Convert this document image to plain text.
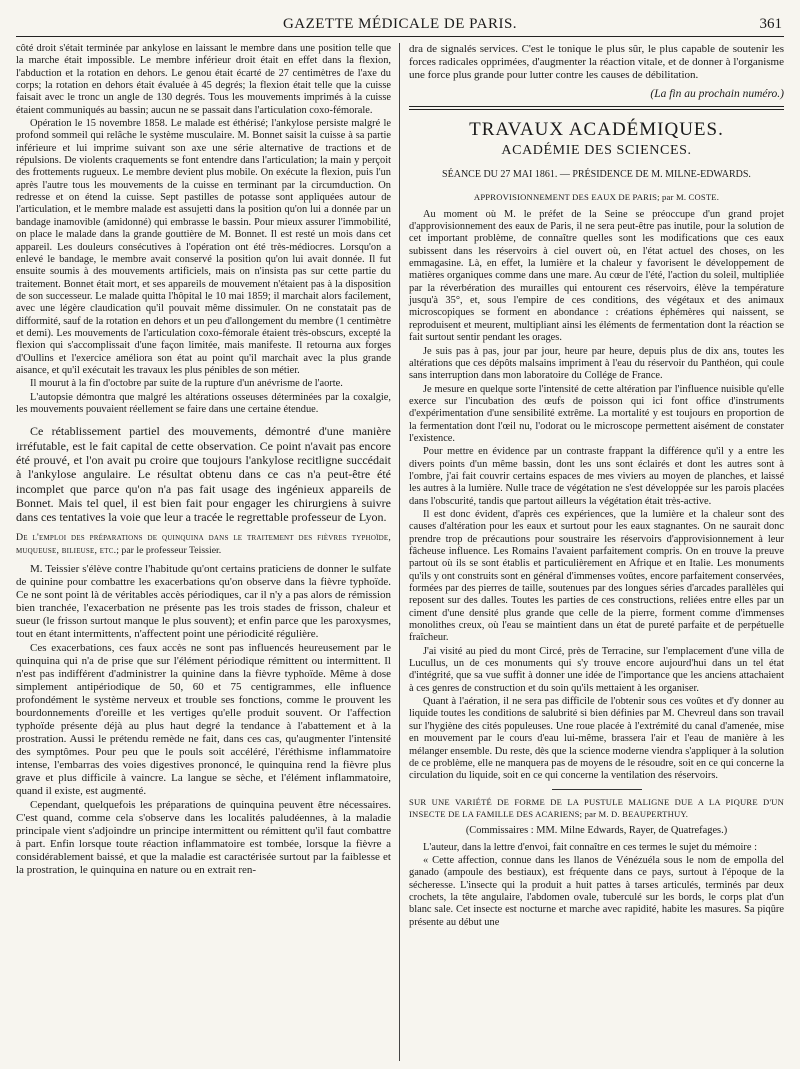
GAZETTE MÉDICALE DE PARIS.	361

côté droit s'était terminée par ankylose en laissant le membre dans une position telle que la marche était impossible. Le membre inférieur droit était en effet dans la flexion, l'abduction et la rotation en dehors. Le genou était écarté de 27 centimètres de l'axe du corps; la rotation en dehors était évaluée à 45 degrés; la flexion était telle que la cuisse faisait avec le tronc un angle de 130 degrés. Tous les mouvements imprimés à la cuisse étaient communiqués au bassin; aucun ne se passait dans l'articulation coxo-fémorale.

Opération le 15 novembre 1858. Le malade est éthérisé; l'ankylose persiste malgré le profond sommeil qui relâche le système musculaire. M. Bonnet saisit la cuisse à sa partie inférieure et lui imprime suivant son axe une série alternative de tractions et de répulsions. De violents craquements se font entendre dans l'articulation; la main y perçoit des frottements rugueux. Le membre devient plus mobile. On exécute la flexion, puis l'un après l'autre tous les mouvements de la cuisse en terminant par la circumduction. On redresse et on étend la cuisse. Sept pastilles de potasse sont appliquées autour de l'articulation, et le membre malade est assujetti dans la position qu'on lui a donnée par un bandage inamovible (amidonné) qui embrasse le bassin. Pour mieux assurer l'immobilité, on place le malade dans la grande gouttière de M. Bonnet. Il est resté un mois dans cet appareil. Les douleurs consécutives à l'opération ont été très-médiocres. Lorsqu'on a enlevé le bandage, le membre avait conservé la position qu'on lui avait donnée. Il fut ensuite soumis à des mouvements artificiels, mais on n'insista pas sur cette partie du traitement. Bonnet était mort, et ses appareils de mouvement n'étaient pas à la disposition de son successeur. Le malade quitta l'hôpital le 10 mai 1859; il marchait alors facilement, avec une légère claudication qu'il pouvait même dissimuler. On ne constatait pas de difformité, sauf de la rotation en dehors et un peu d'allongement du membre (1 centimètre et demi). Les mouvements de l'articulation coxo-fémorale étaient très-obscurs, excepté la flexion qui s'accomplissait d'une façon limitée, mais manifeste. Il retourna aux forges d'Oullins et l'exercice améliora son état au point qu'il marchait avec la plus grande aisance, et qu'il exécutait les travaux les plus pénibles de son métier.

Il mourut à la fin d'octobre par suite de la rupture d'un anévrisme de l'aorte.

L'autopsie démontra que malgré les altérations osseuses déterminées par la coxalgie, les mouvements pouvaient réellement se faire dans une certaine étendue.

Ce rétablissement partiel des mouvements, démontré d'une manière irréfutable, est le fait capital de cette observation. Ce point n'avait pas encore été prouvé, et l'on avait pu croire que toujours l'ankylose recitligne succédait à l'ankylose angulaire. Le résultat obtenu dans ce cas n'a peut-être été incomplet que parce qu'on n'a pas fait usage des ingénieux appareils de Bonnet. Mais tel quel, il est bien fait pour engager les chirurgiens à suivre dans ces tentatives la voie que leur a tracée le regrettable professeur de Lyon.

De l'emploi des préparations de quinquina dans le traitement des fièvres typhoïde, muqueuse, bilieuse, etc.; par le professeur Teissier.

M. Teissier s'élève contre l'habitude qu'ont certains praticiens de donner le sulfate de quinine pour combattre les exacerbations qu'on observe dans la fièvre typhoïde. Ce ne sont point là de véritables accès périodiques, car il n'y a pas alors de rémission bien tranchée, l'exacerbation ne présente pas les trois stades de frisson, chaleur et sueur (le frisson surtout manque le plus souvent); et enfin parce que les paroxysmes, tout en étant intermittents, n'affectent point une périodicité régulière.

Ces exacerbations, ces faux accès ne sont pas influencés heureusement par le quinquina qui n'a de prise que sur l'élément périodique rémittent ou intermittent. Il n'est pas indifférent d'administrer la quinine dans la fièvre typhoïde. Même à dose simplement antipériodique de 50, 60 et 75 centigrammes, elle influence profondément le système nerveux et trouble ses fonctions, comme le prouvent les bourdonnements d'oreille et les vertiges qu'elle produit souvent. Or l'affection typhoïde présente déjà au plus haut degré la tendance à l'abattement et à la prostration. Aussi le prétendu remède ne fait, dans ces cas, qu'augmenter l'intensité des symptômes. Pour peu que le pouls soit accéléré, l'éréthisme inflammatoire intense, l'embarras des voies digestives prononcé, le quinquina rend la fièvre plus grave et plus difficile à vaincre. La langue se sèche, et l'élément inflammatoire, quand il existe, est augmenté.

Cependant, quelquefois les préparations de quinquina peuvent être nécessaires. C'est quand, comme cela s'observe dans les localités paludéennes, à la maladie principale vient s'adjoindre un principe intermittent ou rémittent qu'il faut combattre à part. Enfin lorsque toute réaction inflammatoire est tombée, lorsque la fièvre a considérablement baissé, et que la maladie est caractérisée surtout par la faiblesse et la prostration, le quinquina en nature ou en extrait ren-

dra de signalés services. C'est le tonique le plus sûr, le plus capable de soutenir les forces radicales opprimées, d'augmenter la réaction vitale, et de donner à l'organisme une force plus grande pour lutter contre les causes de débilitation.

(La fin au prochain numéro.)
TRAVAUX ACADÉMIQUES.
ACADÉMIE DES SCIENCES.
SÉANCE DU 27 MAI 1861. — PRÉSIDENCE DE M. MILNE-EDWARDS.
APPROVISIONNEMENT DES EAUX DE PARIS; par M. COSTE.

Au moment où M. le préfet de la Seine se préoccupe d'un grand projet d'approvisionnement des eaux de Paris, il ne sera peut-être pas inutile, pour la solution de cet important problème, de connaître quelles sont les modifications que ces eaux subissent dans les réservoirs à ciel ouvert où, en l'état actuel des choses, on les emmagasine. Là, en effet, la lumière et la chaleur y favorisent le développement de matières organiques comme dans une mare. Au cœur de l'été, l'action du soleil, multipliée par la réverbération des murailles qui entourent ces réservoirs, élève la température jusqu'à 35°, et, sous l'empire de ces conditions, des végétaux et des animaux microscopiques se forment en abondance : créations éphémères qui naissent, se reproduisent et meurent, multipliant ainsi les éléments de fermentation dont la réaction se fait surtout sentir pendant les orages.

Je suis pas à pas, jour par jour, heure par heure, depuis plus de dix ans, toutes les altérations que ces dépôts malsains impriment à l'eau du réservoir du Panthéon, qui coule sans interruption dans mon laboratoire du Collége de France.

Je mesure en quelque sorte l'intensité de cette altération par l'influence nuisible qu'elle exerce sur l'incubation des œufs de poisson qui ici font office d'instruments d'expérimentation d'une sensibilité extrême. La mortalité y est toujours en proportion de la fermentation dont l'œil nu, l'odorat ou le microscope permettent aisément de constater l'existence.

Pour mettre en évidence par un contraste frappant la différence qu'il y a entre les divers points d'un même bassin, dont les uns sont éclairés et dont les autres sont à l'ombre, j'ai fait couvrir certains espaces de mes viviers au moyen de planches, et laissé les autres à la lumière. Nulle trace de végétation ne s'est développée sur les parois placées dans l'obscurité, tandis que partout ailleurs la végétation était très-active.

Il est donc évident, d'après ces expériences, que la lumière et la chaleur sont des causes d'altération pour les eaux et surtout pour les eaux stagnantes. On ne saurait donc prendre trop de précautions pour soustraire les réservoirs d'approvisionnement à leur fâcheuse influence. Les Romains l'avaient parfaitement compris. On en trouve la preuve partout où ils se sont établis et particulièrement en Afrique et en Italie. Les monuments qu'ils y ont construits sont en général d'immenses voûtes, encore parfaitement conservées, formées par des pierres de taille, soutenues par des longues séries d'arcades parallèles qui reposent sur des dalles. Toutes les parties de ces constructions, reliées entre elles par un ciment d'une densité plus grande que celle de la pierre, forment comme d'immenses monolithes creux, où l'eau se maintient dans un état de pureté parfaite et de perpétuelle fraîcheur.

J'ai visité au pied du mont Circé, près de Terracine, sur l'emplacement d'une villa de Lucullus, un de ces monuments qui s'y trouve encore aujourd'hui dans un tel état d'intégrité, que sa vue suffit à donner une idée de l'importance que les anciens attachaient à ces genres de construction et du soin qu'ils mettaient à les organiser.

Quant à l'aération, il ne sera pas difficile de l'obtenir sous ces voûtes et d'y donner au liquide toutes les conditions de salubrité si bien définies par M. Chevreul dans son travail sur l'hygiène des cités populeuses. Une roue placée à l'extrémité du canal d'amenée, mise en mouvement par le cours d'eau lui-même, brassera l'air et l'eau de manière à les mélanger ensemble. Du reste, dès que la science moderne viendra s'appliquer à la solution de ce problème, elle ne manquera pas de moyens de le résoudre, soit en ce qui concerne la circulation du liquide, soit en ce qui concerne la ventilation des réservoirs.

SUR UNE VARIÉTÉ DE FORME DE LA PUSTULE MALIGNE DUE A LA PIQURE D'UN INSECTE DE LA FAMILLE DES ACARIENS; par M. D. BEAUPERTHUY.
(Commissaires : MM. Milne Edwards, Rayer, de Quatrefages.)

L'auteur, dans la lettre d'envoi, fait connaître en ces termes le sujet du mémoire :

« Cette affection, connue dans les llanos de Vénézuéla sous le nom de empolla del ganado (ampoule des bestiaux), est fréquente dans ce pays, surtout à l'époque de la sécheresse. L'insecte qui la produit a huit pattes à tarses articulés, terminés par deux crochets, la tête angulaire, l'abdomen ovale, tuberculé sur les bords, le corps plat d'un blanc sale. Cet insecte est nocturne et marche avec rapidité, habite les masures. Sa piqûre présente au début une
